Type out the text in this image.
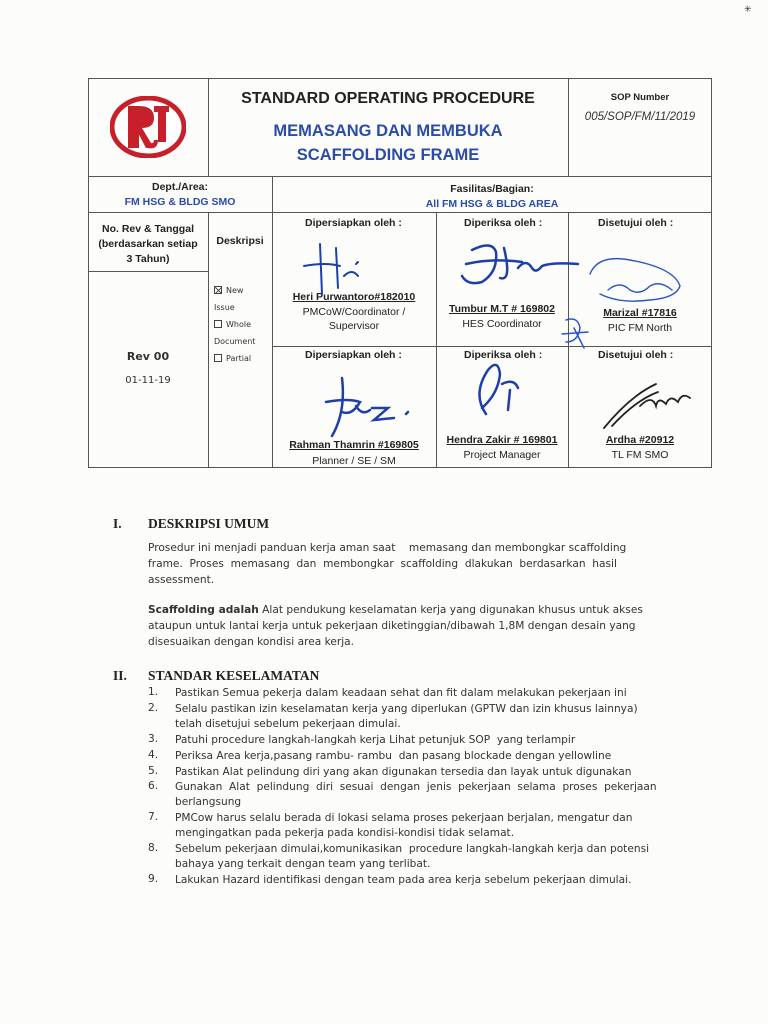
STANDARD OPERATING PROCEDURE
MEMASANG DAN MEMBUKA
SCAFFOLDING FRAME
SOP Number
005/SOP/FM/11/2019
Dept./Area:
FM HSG & BLDG SMO
Fasilitas/Bagian:
All FM HSG & BLDG AREA
No. Rev & Tanggal
(berdasarkan setiap
3 Tahun)
Deskripsi
Rev 00
01-11-19
New
Issue
Whole
Document
Partial
Dipersiapkan oleh :	Diperiksa oleh :	Disetujui oleh :
Heri Purwantoro#182010
PMCoW/Coordinator /
Supervisor
Tumbur M.T # 169802
HES Coordinator
Marizal #17816
PIC FM North
Dipersiapkan oleh :	Diperiksa oleh :	Disetujui oleh :
Rahman Thamrin #169805
Planner / SE / SM
Hendra Zakir # 169801
Project Manager
Ardha #20912
TL FM SMO
I. DESKRIPSI UMUM
Prosedur ini menjadi panduan kerja aman saat    memasang dan membongkar scaffolding
frame.  Proses  memasang  dan  membongkar  scaffolding  dlakukan  berdasarkan  hasil
assessment.
Scaffolding adalah Alat pendukung keselamatan kerja yang digunakan khusus untuk akses
ataupun untuk lantai kerja untuk pekerjaan diketinggian/dibawah 1,8M dengan desain yang
disesuaikan dengan kondisi area kerja.
II. STANDAR KESELAMATAN
1. Pastikan Semua pekerja dalam keadaan sehat dan fit dalam melakukan pekerjaan ini
2. Selalu pastikan izin keselamatan kerja yang diperlukan (GPTW dan izin khusus lainnya)
telah disetujui sebelum pekerjaan dimulai.
3. Patuhi procedure langkah-langkah kerja Lihat petunjuk SOP  yang terlampir
4. Periksa Area kerja,pasang rambu- rambu  dan pasang blockade dengan yellowline
5. Pastikan Alat pelindung diri yang akan digunakan tersedia dan layak untuk digunakan
6. Gunakan  Alat  pelindung  diri  sesuai  dengan  jenis  pekerjaan  selama  proses  pekerjaan
berlangsung
7. PMCow harus selalu berada di lokasi selama proses pekerjaan berjalan, mengatur dan
mengingatkan pada pekerja pada kondisi-kondisi tidak selamat.
8. Sebelum pekerjaan dimulai,komunikasikan  procedure langkah-langkah kerja dan potensi
bahaya yang terkait dengan team yang terlibat.
9. Lakukan Hazard identifikasi dengan team pada area kerja sebelum pekerjaan dimulai.
✳
